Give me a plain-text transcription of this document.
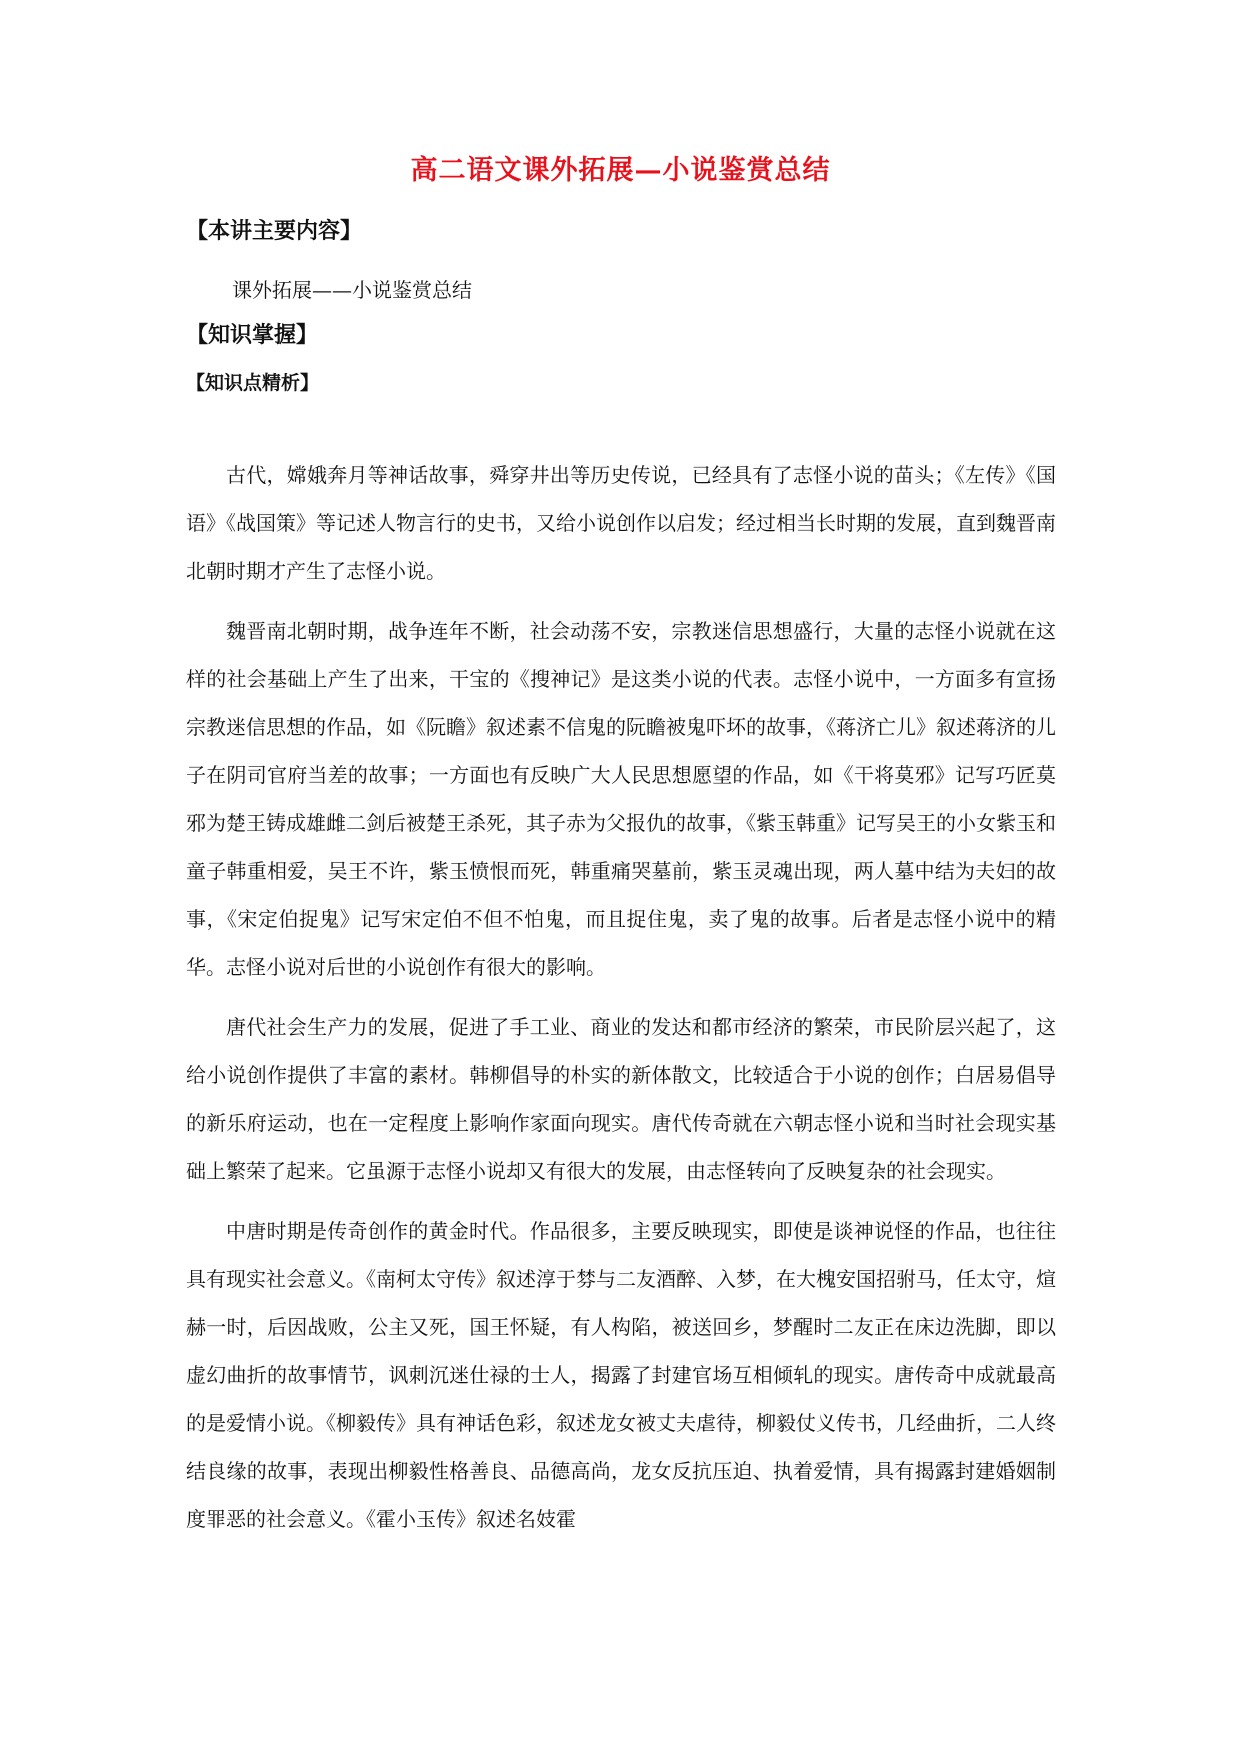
高二语文课外拓展—小说鉴赏总结
【本讲主要内容】
课外拓展——小说鉴赏总结
【知识掌握】
【知识点精析】

古代，嫦娥奔月等神话故事，舜穿井出等历史传说，已经具有了志怪小说的苗头；《左传》《国语》《战国策》等记述人物言行的史书，又给小说创作以启发；经过相当长时期的发展，直到魏晋南北朝时期才产生了志怪小说。

魏晋南北朝时期，战争连年不断，社会动荡不安，宗教迷信思想盛行，大量的志怪小说就在这样的社会基础上产生了出来，干宝的《搜神记》是这类小说的代表。志怪小说中，一方面多有宣扬宗教迷信思想的作品，如《阮瞻》叙述素不信鬼的阮瞻被鬼吓坏的故事，《蒋济亡儿》叙述蒋济的儿子在阴司官府当差的故事；一方面也有反映广大人民思想愿望的作品，如《干将莫邪》记写巧匠莫邪为楚王铸成雄雌二剑后被楚王杀死，其子赤为父报仇的故事，《紫玉韩重》记写吴王的小女紫玉和童子韩重相爱，吴王不许，紫玉愤恨而死，韩重痛哭墓前，紫玉灵魂出现，两人墓中结为夫妇的故事，《宋定伯捉鬼》记写宋定伯不但不怕鬼，而且捉住鬼，卖了鬼的故事。后者是志怪小说中的精华。志怪小说对后世的小说创作有很大的影响。

唐代社会生产力的发展，促进了手工业、商业的发达和都市经济的繁荣，市民阶层兴起了，这给小说创作提供了丰富的素材。韩柳倡导的朴实的新体散文，比较适合于小说的创作；白居易倡导的新乐府运动，也在一定程度上影响作家面向现实。唐代传奇就在六朝志怪小说和当时社会现实基础上繁荣了起来。它虽源于志怪小说却又有很大的发展，由志怪转向了反映复杂的社会现实。

中唐时期是传奇创作的黄金时代。作品很多，主要反映现实，即使是谈神说怪的作品，也往往具有现实社会意义。《南柯太守传》叙述淳于棼与二友酒醉、入梦，在大槐安国招驸马，任太守，煊赫一时，后因战败，公主又死，国王怀疑，有人构陷，被送回乡，梦醒时二友正在床边洗脚，即以虚幻曲折的故事情节，讽刺沉迷仕禄的士人，揭露了封建官场互相倾轧的现实。唐传奇中成就最高的是爱情小说。《柳毅传》具有神话色彩，叙述龙女被丈夫虐待，柳毅仗义传书，几经曲折，二人终结良缘的故事，表现出柳毅性格善良、品德高尚，龙女反抗压迫、执着爱情，具有揭露封建婚姻制度罪恶的社会意义。《霍小玉传》叙述名妓霍
